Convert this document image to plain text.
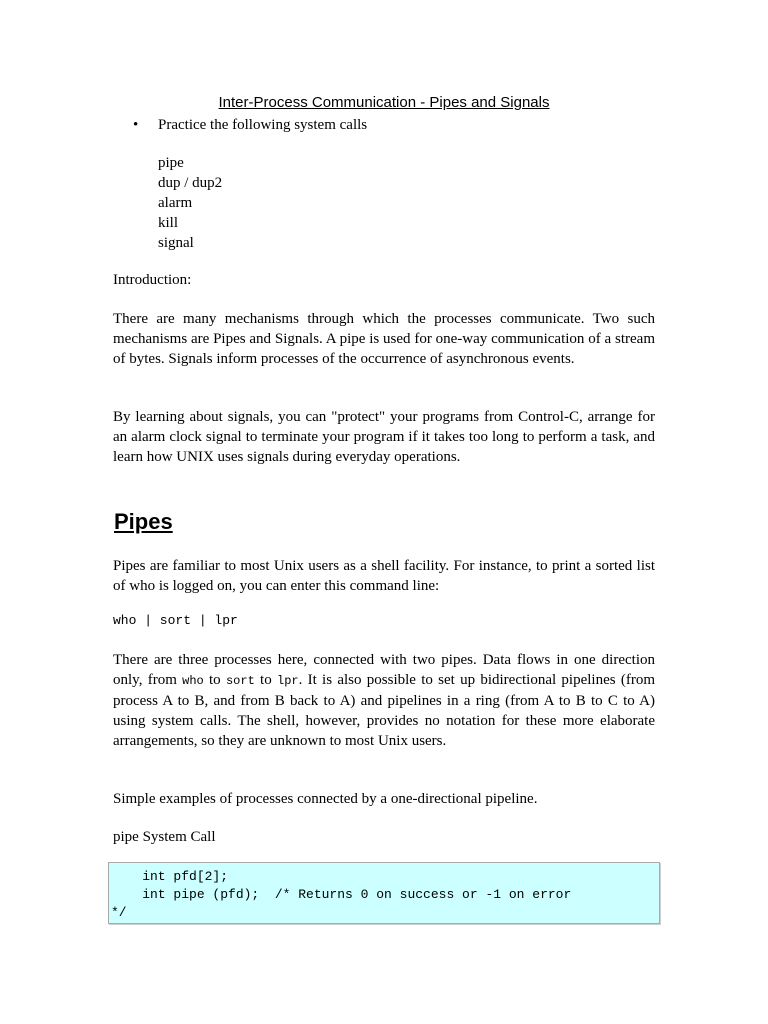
Inter-Process Communication - Pipes and Signals
• Practice the following system calls
pipe
dup / dup2
alarm
kill
signal
Introduction:

There are many mechanisms through which the processes communicate. Two such mechanisms are Pipes and Signals. A pipe is used for one-way communication of a stream of bytes. Signals inform processes of the occurrence of asynchronous events.

By learning about signals, you can "protect" your programs from Control-C, arrange for an alarm clock signal to terminate your program if it takes too long to perform a task, and learn how UNIX uses signals during everyday operations.

Pipes

Pipes are familiar to most Unix users as a shell facility. For instance, to print a sorted list of who is logged on, you can enter this command line:

who | sort | lpr

There are three processes here, connected with two pipes. Data flows in one direction only, from who to sort to lpr. It is also possible to set up bidirectional pipelines (from process A to B, and from B back to A) and pipelines in a ring (from A to B to C to A) using system calls. The shell, however, provides no notation for these more elaborate arrangements, so they are unknown to most Unix users.

Simple examples of processes connected by a one-directional pipeline.
pipe System Call
int pfd[2];
int pipe (pfd);  /* Returns 0 on success or -1 on error
*/
